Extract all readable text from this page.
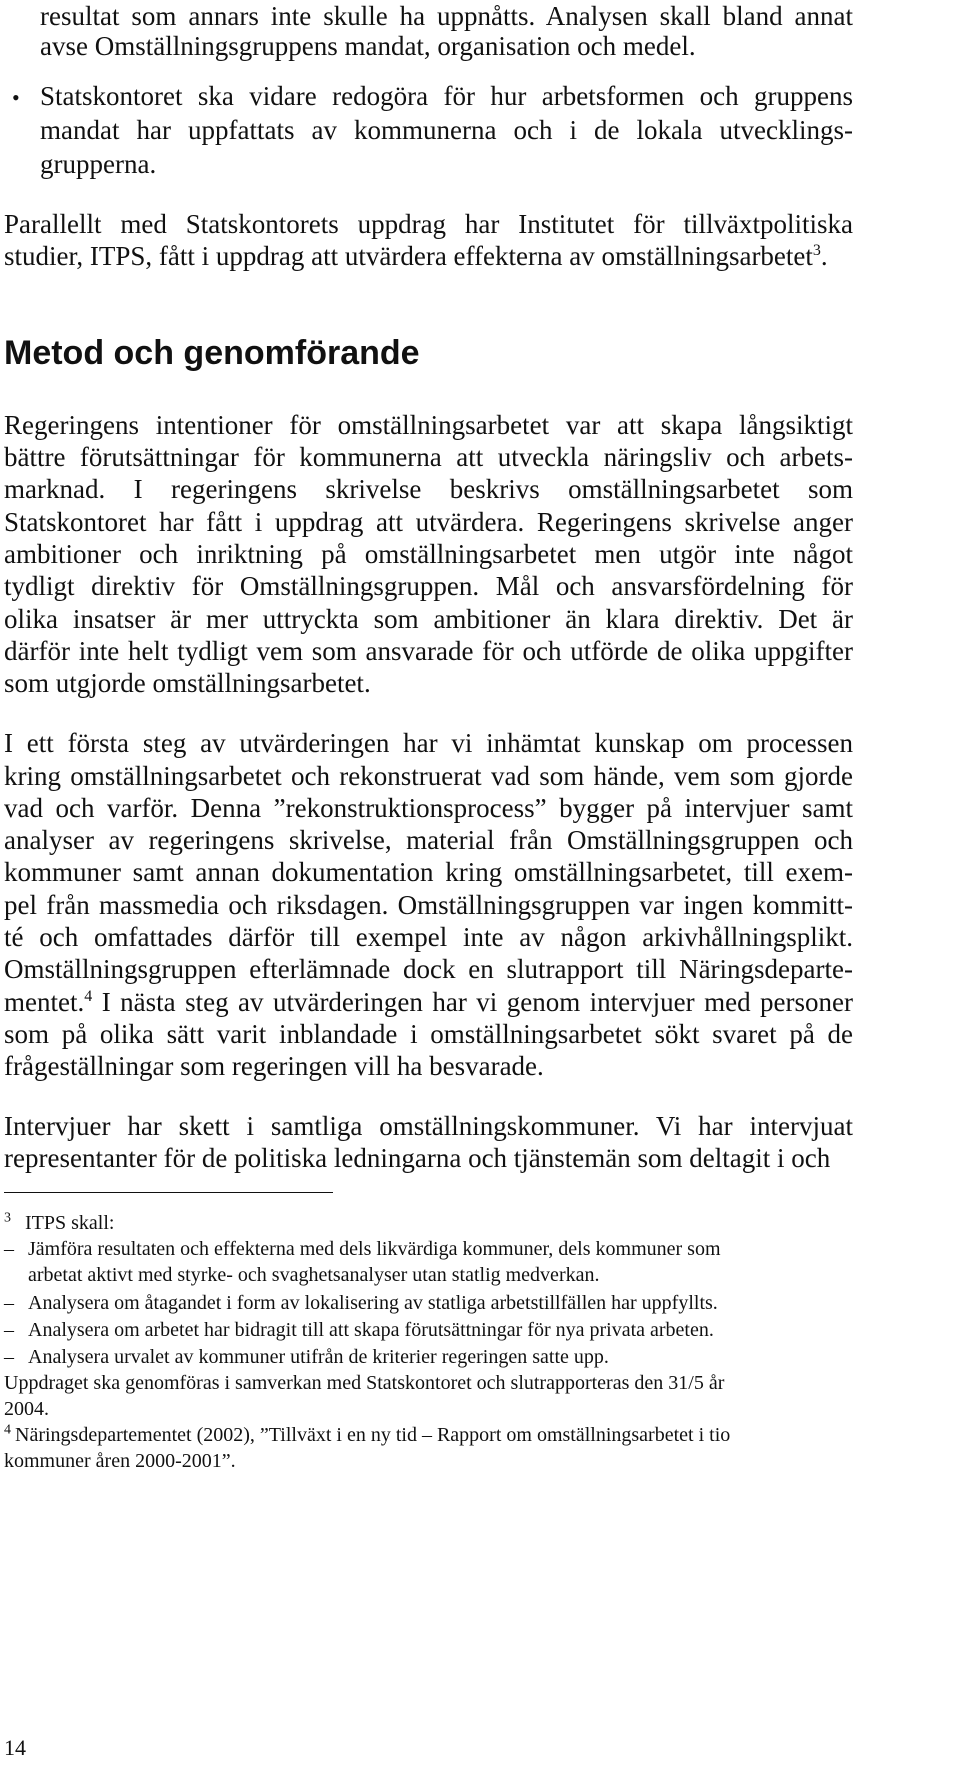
resultat som annars inte skulle ha uppnåtts. Analysen skall bland annat
avse Omställningsgruppens mandat, organisation och medel.
• Statskontoret ska vidare redogöra för hur arbetsformen och gruppens
mandat har uppfattats av kommunerna och i de lokala utvecklings-
grupperna.
Parallellt med Statskontorets uppdrag har Institutet för tillväxtpolitiska
studier, ITPS, fått i uppdrag att utvärdera effekterna av omställningsarbetet$^3$.
Metod och genomförande
Regeringens intentioner för omställningsarbetet var att skapa långsiktigt
bättre förutsättningar för kommunerna att utveckla näringsliv och arbets-
marknad. I regeringens skrivelse beskrivs omställningsarbetet som
Statskontoret har fått i uppdrag att utvärdera. Regeringens skrivelse anger
ambitioner och inriktning på omställningsarbetet men utgör inte något
tydligt direktiv för Omställningsgruppen. Mål och ansvarsfördelning för
olika insatser är mer uttryckta som ambitioner än klara direktiv. Det är
därför inte helt tydligt vem som ansvarade för och utförde de olika uppgifter
som utgjorde omställningsarbetet.
I ett första steg av utvärderingen har vi inhämtat kunskap om processen
kring omställningsarbetet och rekonstruerat vad som hände, vem som gjorde
vad och varför. Denna ”rekonstruktionsprocess” bygger på intervjuer samt
analyser av regeringens skrivelse, material från Omställningsgruppen och
kommuner samt annan dokumentation kring omställningsarbetet, till exem-
pel från massmedia och riksdagen. Omställningsgruppen var ingen kommitt-
té och omfattades därför till exempel inte av någon arkivhållningsplikt.
Omställningsgruppen efterlämnade dock en slutrapport till Näringsdeparte-
mentet.$^4$ I nästa steg av utvärderingen har vi genom intervjuer med personer
som på olika sätt varit inblandade i omställningsarbetet sökt svaret på de
frågeställningar som regeringen vill ha besvarade.
Intervjuer har skett i samtliga omställningskommuner. Vi har intervjuat
representanter för de politiska ledningarna och tjänstemän som deltagit i och
$^3$ ITPS skall:
– Jämföra resultaten och effekterna med dels likvärdiga kommuner, dels kommuner som
arbetat aktivt med styrke- och svaghetsanalyser utan statlig medverkan.
– Analysera om åtagandet i form av lokalisering av statliga arbetstillfällen har uppfyllts.
– Analysera om arbetet har bidragit till att skapa förutsättningar för nya privata arbeten.
– Analysera urvalet av kommuner utifrån de kriterier regeringen satte upp.
Uppdraget ska genomföras i samverkan med Statskontoret och slutrapporteras den 31/5 år
2004.
$^4$ Näringsdepartementet (2002), ”Tillväxt i en ny tid – Rapport om omställningsarbetet i tio
kommuner åren 2000-2001”.
14
